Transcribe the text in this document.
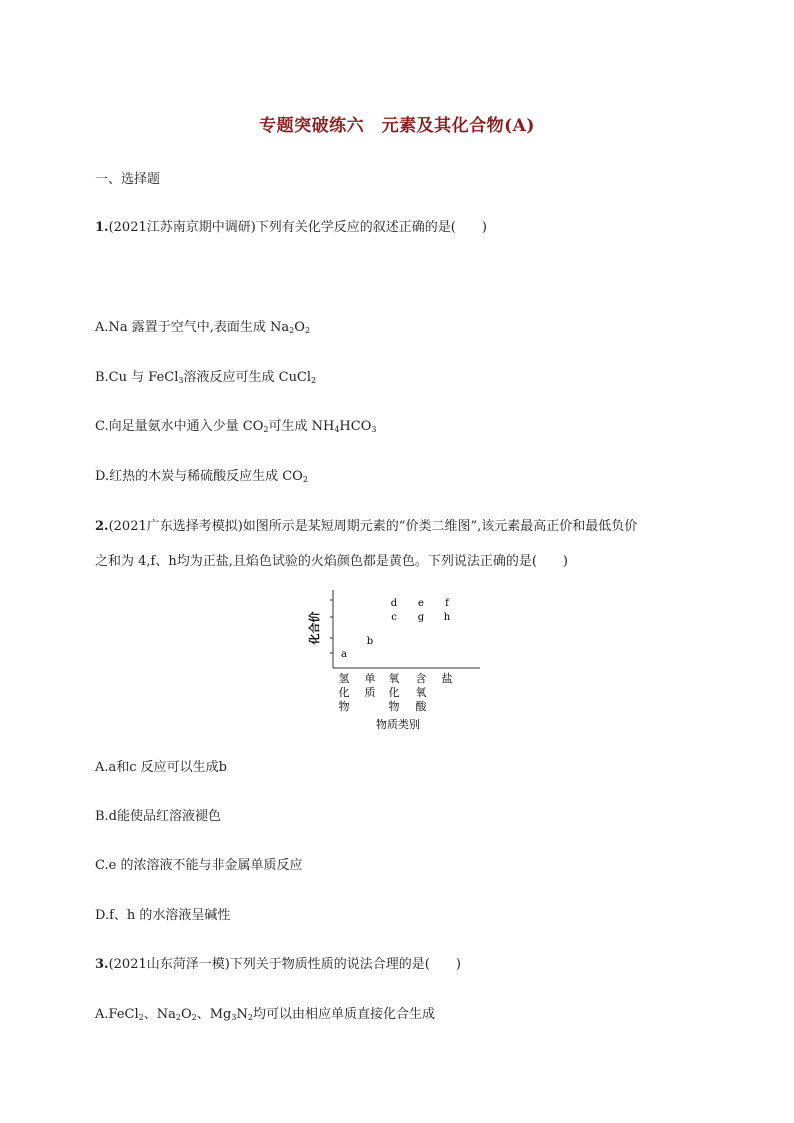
专题突破练六　元素及其化合物(A)
一、选择题
1.(2021江苏南京期中调研)下列有关化学反应的叙述正确的是(　　)
A.Na 露置于空气中,表面生成 $Na_2O_2$
B.Cu 与 FeCl$_3$溶液反应可生成 CuCl$_2$
C.向足量氨水中通入少量 $CO_2$可生成 $NH_4HCO_3$
D.红热的木炭与稀硫酸反应生成 $CO_2$
2.(2021广东选择考模拟)如图所示是某短周期元素的“价类二维图”,该元素最高正价和最低负价
之和为 4,f、h均为正盐,且焰色试验的火焰颜色都是黄色。下列说法正确的是(　　)
化合价
a
b
c
d
g
e
h
f
氢化物
单质
氧化物
含氧酸
盐
物质类别
A.a和c 反应可以生成b
B.d能使品红溶液褪色
C.e 的浓溶液不能与非金属单质反应
D.f、h 的水溶液呈碱性
3.(2021山东菏泽一模)下列关于物质性质的说法合理的是(　　)
A.FeCl$_2$、$Na_2O_2$、$Mg_3N_2$均可以由相应单质直接化合生成
